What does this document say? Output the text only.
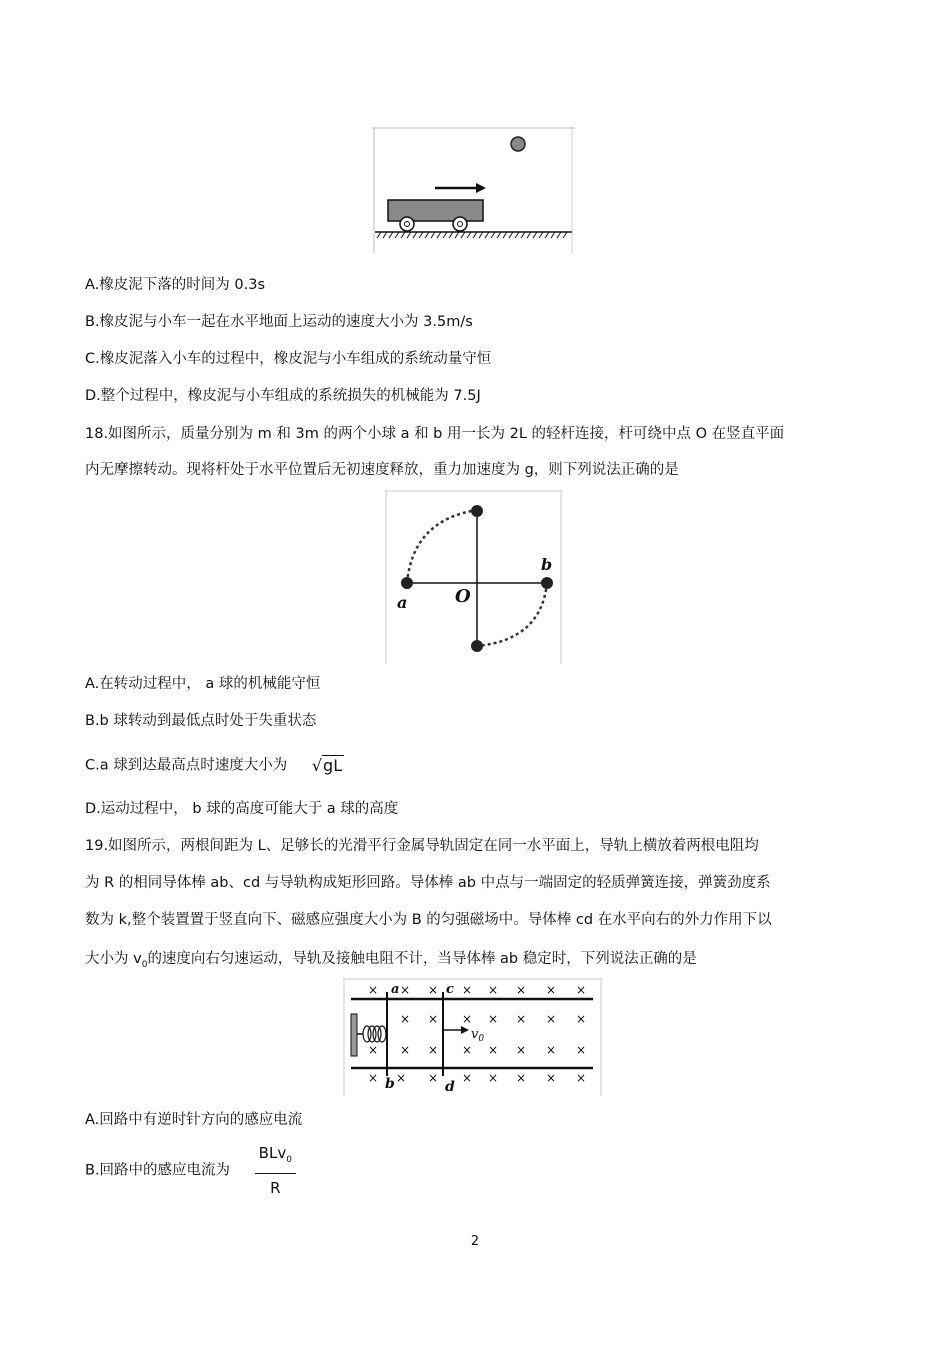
A.橡皮泥下落的时间为 0.3s
B.橡皮泥与小车一起在水平地面上运动的速度大小为 3.5m/s
C.橡皮泥落入小车的过程中，橡皮泥与小车组成的系统动量守恒
D.整个过程中，橡皮泥与小车组成的系统损失的机械能为 7.5J
18.如图所示，质量分别为 m 和 3m 的两个小球 a 和 b 用一长为 2L 的轻杆连接，杆可绕中点 O 在竖直平面
内无摩擦转动。现将杆处于水平位置后无初速度释放，重力加速度为 g，则下列说法正确的是
a
b
O
A.在转动过程中， a 球的机械能守恒
B.b 球转动到最低点时处于失重状态
C.a 球到达最高点时速度大小为 √gL
D.运动过程中， b 球的高度可能大于 a 球的高度
19.如图所示，两根间距为 L、足够长的光滑平行金属导轨固定在同一水平面上，导轨上横放着两根电阻均
为 R 的相同导体棒 ab、cd 与导轨构成矩形回路。导体棒 ab 中点与一端固定的轻质弹簧连接，弹簧劲度系
数为 k,整个装置置于竖直向下、磁感应强度大小为 B 的匀强磁场中。导体棒 cd 在水平向右的外力作用下以
大小为 $v_0$的速度向右匀速运动，导轨及接触电阻不计，当导体棒 ab 稳定时，下列说法正确的是
a	c
b	d
$v_0$
× × × × × × × ×
× × × × × × ×
× × × × × × × ×
× × × × × × × ×
A.回路中有逆时针方向的感应电流
B.回路中的感应电流为 $\frac{BLv_0}{R}$
2
